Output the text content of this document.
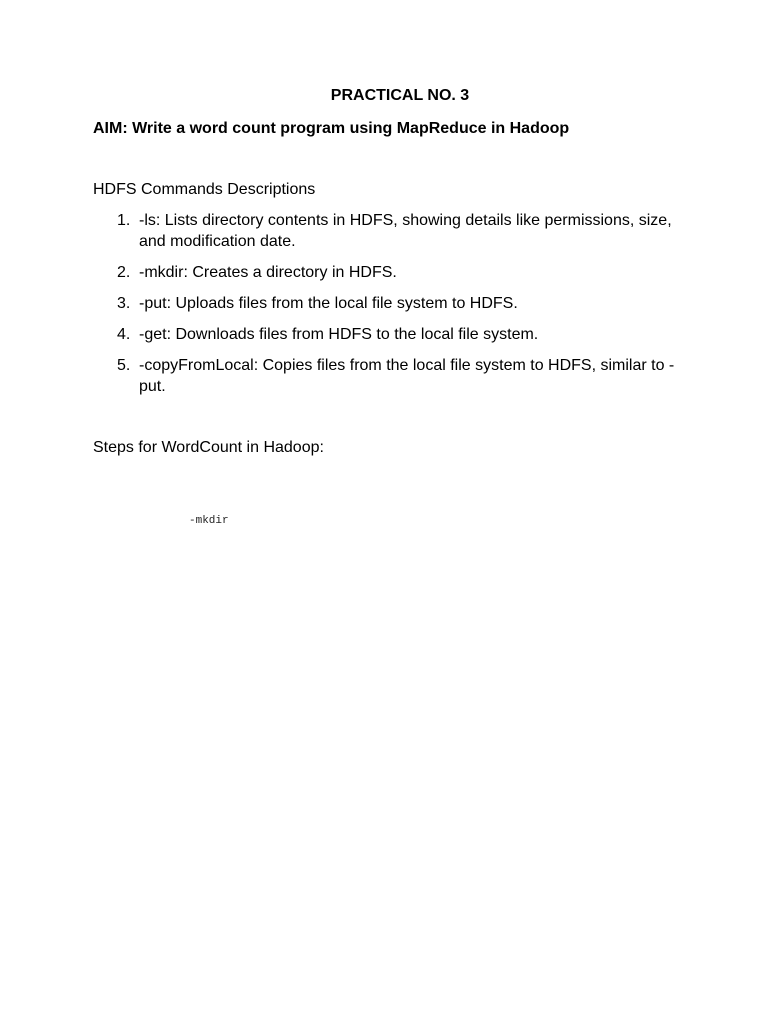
PRACTICAL NO. 3
AIM: Write a word count program using MapReduce in Hadoop
HDFS Commands Descriptions
1. -ls: Lists directory contents in HDFS, showing details like permissions, size, and modification date.
2. -mkdir: Creates a directory in HDFS.
3. -put: Uploads files from the local file system to HDFS.
4. -get: Downloads files from HDFS to the local file system.
5. -copyFromLocal: Copies files from the local file system to HDFS, similar to -put.
Steps for WordCount in Hadoop:
-mkdir
